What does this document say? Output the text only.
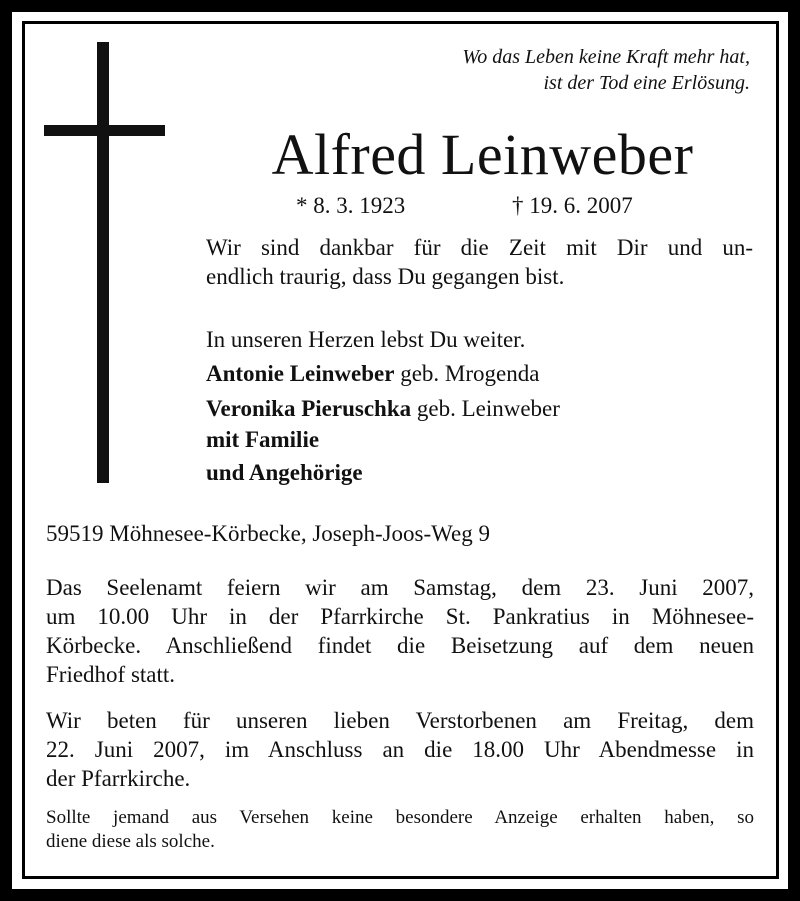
Wo das Leben keine Kraft mehr hat,
ist der Tod eine Erlösung.
Alfred Leinweber
* 8. 3. 1923	† 19. 6. 2007
Wir sind dankbar für die Zeit mit Dir und un-
endlich traurig, dass Du gegangen bist.
In unseren Herzen lebst Du weiter.
Antonie Leinweber geb. Mrogenda
Veronika Pieruschka geb. Leinweber
mit Familie
und Angehörige
59519 Möhnesee-Körbecke, Joseph-Joos-Weg 9
Das Seelenamt feiern wir am Samstag, dem 23. Juni 2007,
um 10.00 Uhr in der Pfarrkirche St. Pankratius in Möhnesee-
Körbecke. Anschließend findet die Beisetzung auf dem neuen
Friedhof statt.
Wir beten für unseren lieben Verstorbenen am Freitag, dem
22. Juni 2007, im Anschluss an die 18.00 Uhr Abendmesse in
der Pfarrkirche.
Sollte jemand aus Versehen keine besondere Anzeige erhalten haben, so
diene diese als solche.
